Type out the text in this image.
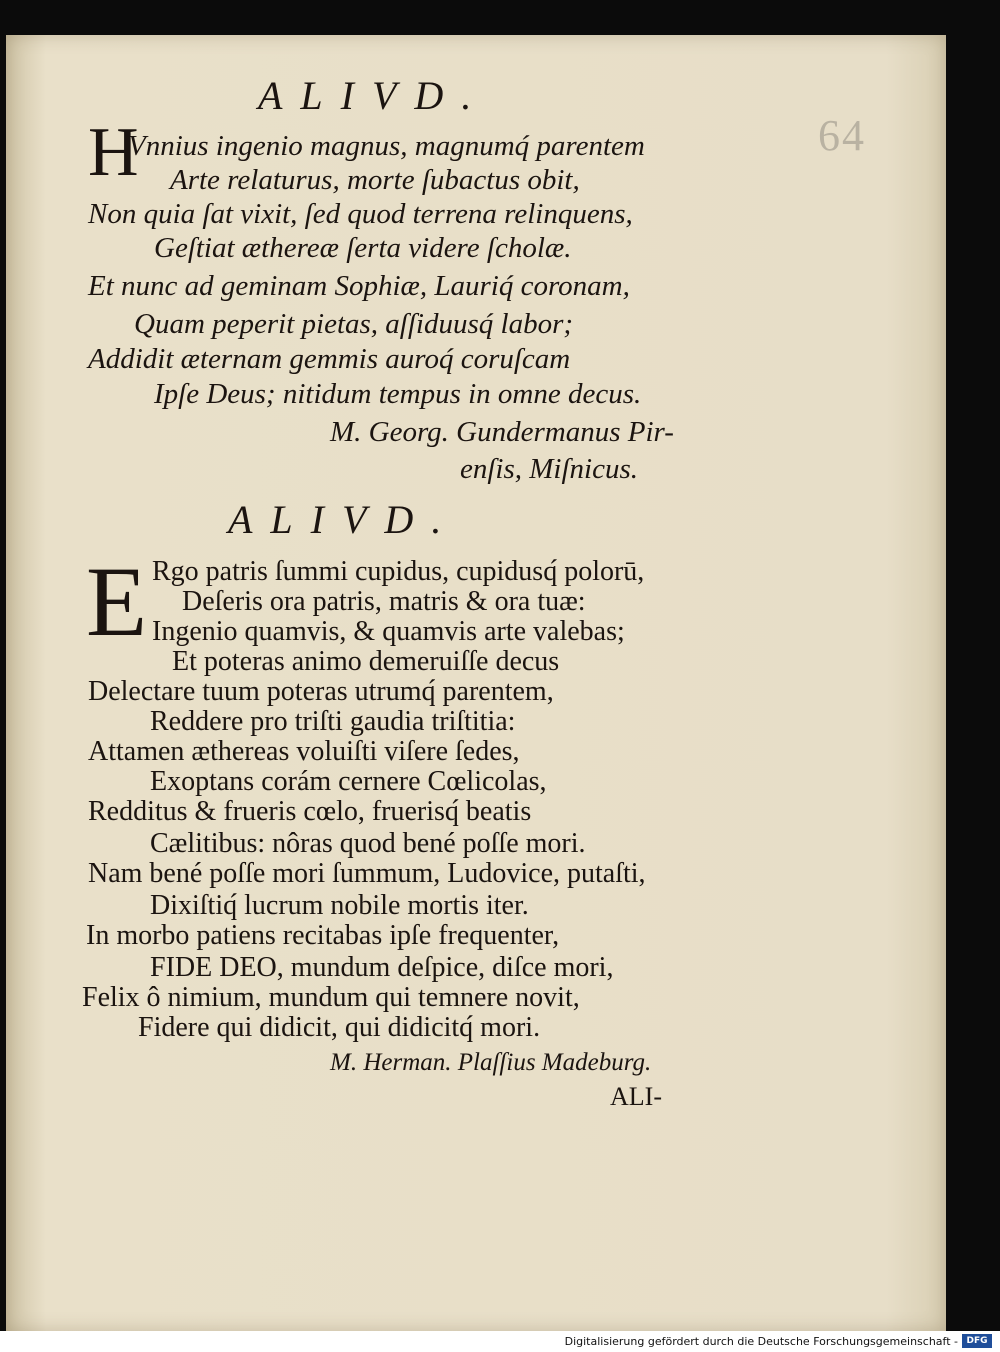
64
ALIVD.
H
Vnnius ingenio magnus, magnumq́ parentem
Arte relaturus, morte ſubactus obit,
Non quia ſat vixit, ſed quod terrena relinquens,
Geſtiat æthereæ ſerta videre ſcholæ.
Et nunc ad geminam Sophiæ, Lauriq́ coronam,
Quam peperit pietas, aſſiduusq́ labor;
Addidit æternam gemmis auroq́ coruſcam
Ipſe Deus; nitidum tempus in omne decus.
M. Georg. Gundermanus Pir-
enſis, Miſnicus.
ALIVD.
E Rgo patris ſummi cupidus, cupidusq́ polorū,
Deſeris ora patris, matris & ora tuæ:
Ingenio quamvis, & quamvis arte valebas;
Et poteras animo demeruiſſe decus
Delectare tuum poteras utrumq́ parentem,
Reddere pro triſti gaudia triſtitia:
Attamen æthereas voluiſti viſere ſedes,
Exoptans corám cernere Cœlicolas,
Redditus & frueris cœlo, fruerisq́ beatis
Cælitibus: nôras quod bené poſſe mori.
Nam bené poſſe mori ſummum, Ludovice, putaſti,
Dixiſtiq́ lucrum nobile mortis iter.
In morbo patiens recitabas ipſe frequenter,
FIDE DEO, mundum deſpice, diſce mori,
Felix ô nimium, mundum qui temnere novit,
Fidere qui didicit, qui didicitq́ mori.
M. Herman. Plaſſius Madeburg.
ALI-
Digitalisierung gefördert durch die Deutsche Forschungsgemeinschaft - DFG
